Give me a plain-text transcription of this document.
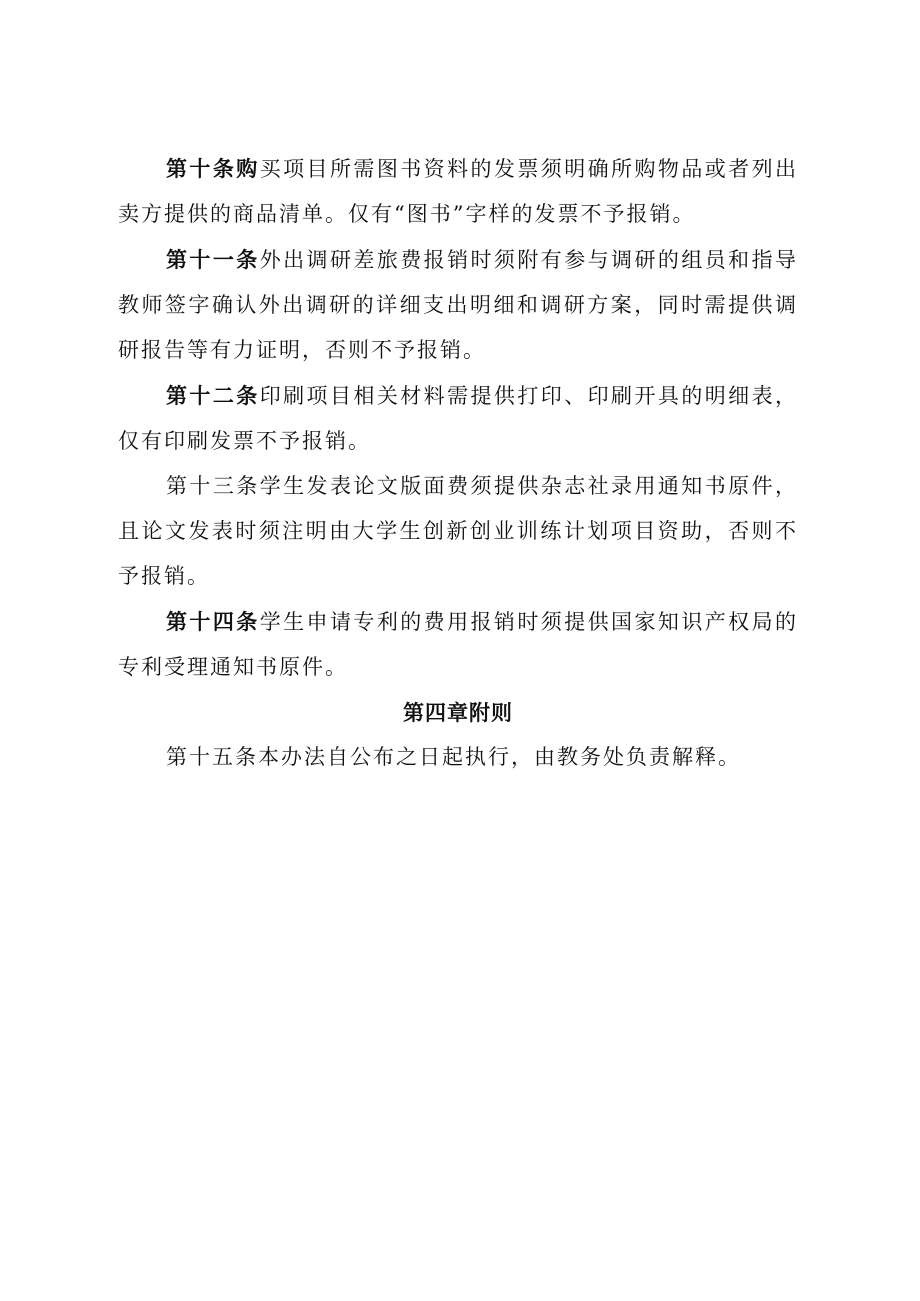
第十条购买项目所需图书资料的发票须明确所购物品或者列出卖方提供的商品清单。仅有“图书”字样的发票不予报销。

第十一条外出调研差旅费报销时须附有参与调研的组员和指导教师签字确认外出调研的详细支出明细和调研方案，同时需提供调研报告等有力证明，否则不予报销。

第十二条印刷项目相关材料需提供打印、印刷开具的明细表，仅有印刷发票不予报销。

第十三条学生发表论文版面费须提供杂志社录用通知书原件，且论文发表时须注明由大学生创新创业训练计划项目资助，否则不予报销。

第十四条学生申请专利的费用报销时须提供国家知识产权局的专利受理通知书原件。

第四章附则

第十五条本办法自公布之日起执行，由教务处负责解释。
